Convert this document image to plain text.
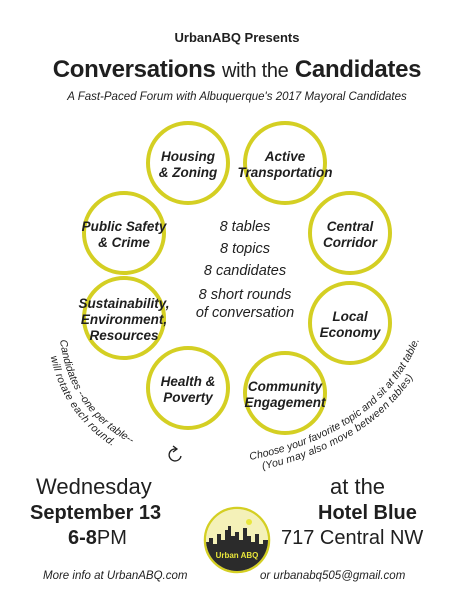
UrbanABQ Presents
Conversations with the Candidates
A Fast-Paced Forum with Albuquerque's 2017 Mayoral Candidates
Candidates --one per table--
will rotate each round.
Choose your favorite topic and sit at that table.
(You may also move between tables)
Housing
& Zoning
Active
Transportation
Public Safety
& Crime
Central
Corridor
Sustainability,
Environment,
Resources
Local
Economy
Health &
Poverty
Community
Engagement
8 tables
8 topics
8 candidates
8 short rounds
of conversation
Wednesday
September 13
6-8PM
at the
Hotel Blue
717 Central NW
Urban ABQ
More info at UrbanABQ.com	or urbanabq505@gmail.com
